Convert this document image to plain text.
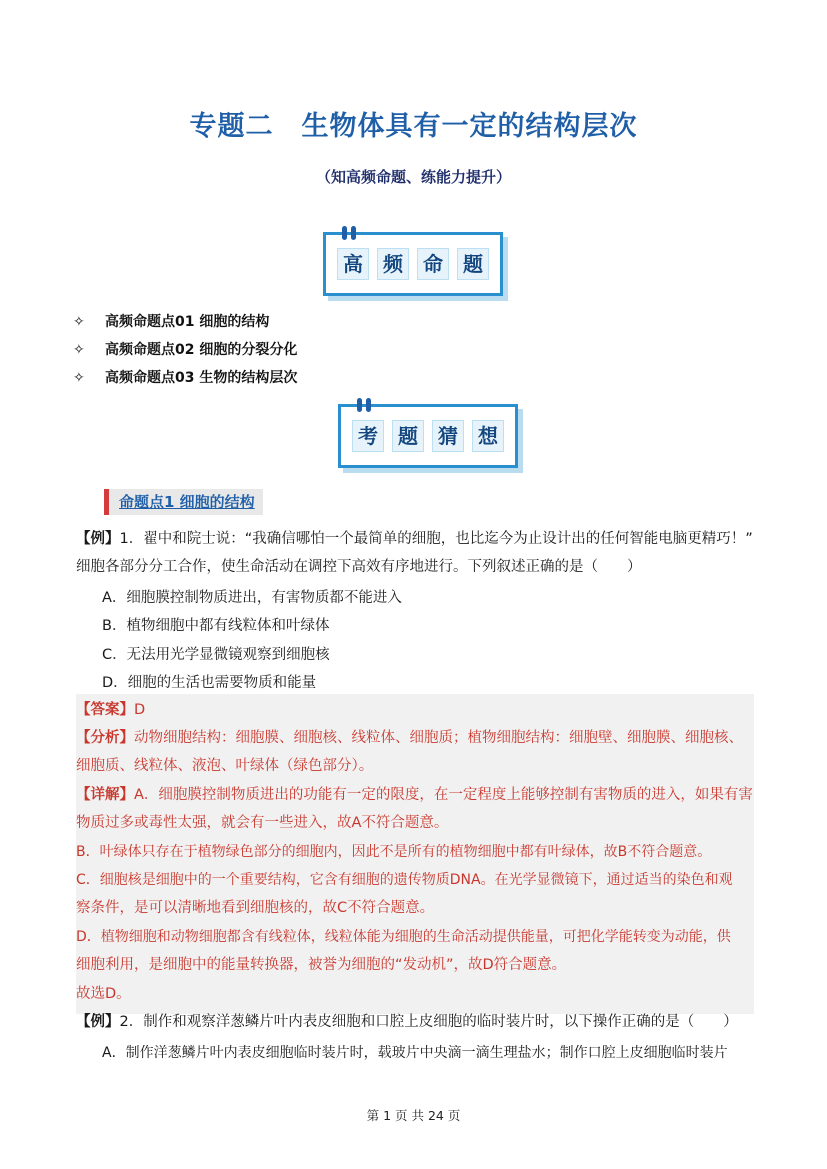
专题二　生物体具有一定的结构层次
（知高频命题、练能力提升）
高	频	命	题
✧ 高频命题点01 细胞的结构
✧ 高频命题点02 细胞的分裂分化
✧ 高频命题点03 生物的结构层次
考	题	猜	想
命题点1 细胞的结构
【例】1．翟中和院士说：“我确信哪怕一个最简单的细胞，也比迄今为止设计出的任何智能电脑更精巧！”
细胞各部分分工合作，使生命活动在调控下高效有序地进行。下列叙述正确的是（　　）
A．细胞膜控制物质进出，有害物质都不能进入
B．植物细胞中都有线粒体和叶绿体
C．无法用光学显微镜观察到细胞核
D．细胞的生活也需要物质和能量
【答案】D
【分析】动物细胞结构：细胞膜、细胞核、线粒体、细胞质；植物细胞结构：细胞壁、细胞膜、细胞核、
细胞质、线粒体、液泡、叶绿体（绿色部分）。
【详解】A．细胞膜控制物质进出的功能有一定的限度，在一定程度上能够控制有害物质的进入，如果有害
物质过多或毒性太强，就会有一些进入，故A不符合题意。
B．叶绿体只存在于植物绿色部分的细胞内，因此不是所有的植物细胞中都有叶绿体，故B不符合题意。
C．细胞核是细胞中的一个重要结构，它含有细胞的遗传物质DNA。在光学显微镜下，通过适当的染色和观
察条件，是可以清晰地看到细胞核的，故C不符合题意。
D．植物细胞和动物细胞都含有线粒体，线粒体能为细胞的生命活动提供能量，可把化学能转变为动能，供
细胞利用，是细胞中的能量转换器，被誉为细胞的“发动机”，故D符合题意。
故选D。
【例】2．制作和观察洋葱鳞片叶内表皮细胞和口腔上皮细胞的临时装片时，以下操作正确的是（　　）
A．制作洋葱鳞片叶内表皮细胞临时装片时，载玻片中央滴一滴生理盐水；制作口腔上皮细胞临时装片
第 1 页 共 24 页
